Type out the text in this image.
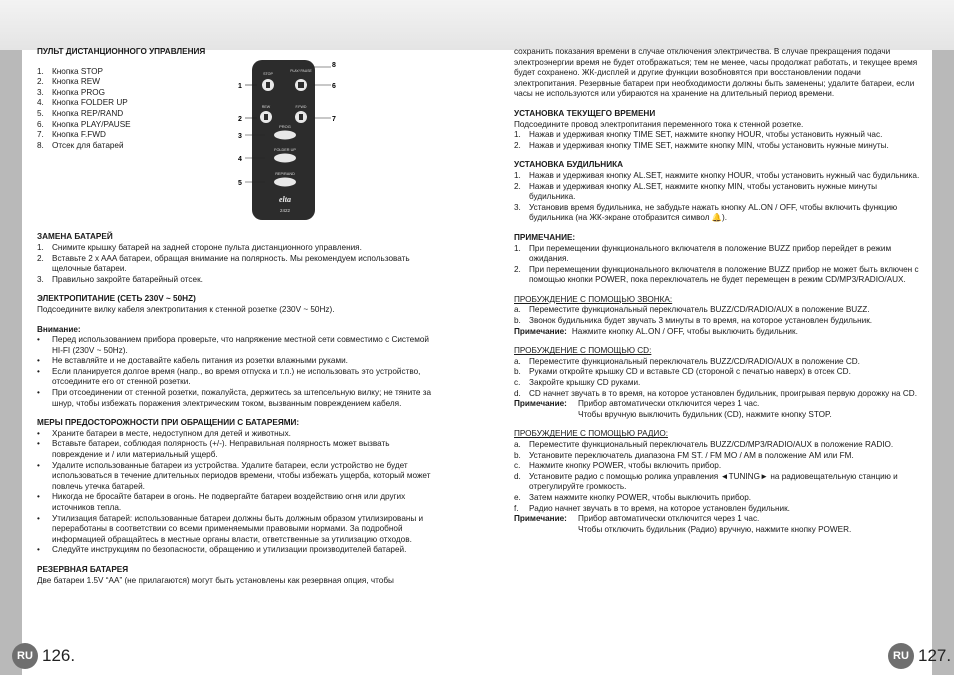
ПУЛЬТ ДИСТАНЦИОННОГО УПРАВЛЕНИЯ
1. Кнопка STOP
2. Кнопка REW
3. Кнопка PROG
4. Кнопка FOLDER UP
5. Кнопка REP/RAND
6. Кнопка PLAY/PAUSE
7. Кнопка F.FWD
8. Отсек для батарей
ЗАМЕНА БАТАРЕЙ
1. Снимите крышку батарей на задней стороне пульта дистанционного управления.
2. Вставьте 2 x AAA батареи, обращая внимание на полярность. Мы рекомендуем использовать щелочные батареи.
3. Правильно закройте батарейный отсек.
ЭЛЕКТРОПИТАНИЕ (СЕТЬ 230V ~ 50HZ)
Подсоедините вилку кабеля электропитания к стенной розетке (230V ~ 50Hz).
Внимание:
•	Перед использованием прибора проверьте, что напряжение местной сети совместимо с Системой HI-FI (230V ~ 50Hz).
•	Не вставляйте и не доставайте кабель питания из розетки влажными руками.
•	Если планируется долгое время (напр., во время отпуска и т.п.) не использовать это устройство, отсоедините его от стенной розетки.
•	При отсоединении от стенной розетки, пожалуйста, держитесь за штепсельную вилку; не тяните за шнур, чтобы избежать поражения электрическим током, вызванным повреждением кабеля.
МЕРЫ ПРЕДОСТОРОЖНОСТИ ПРИ ОБРАЩЕНИИ С БАТАРЕЯМИ:
•	Храните батареи в месте, недоступном для детей и животных.
•	Вставьте батареи, соблюдая полярность (+/-). Неправильная полярность может вызвать повреждение и / или материальный ущерб.
•	Удалите использованные батареи из устройства. Удалите батареи, если устройство не будет использоваться в течение длительных периодов времени, чтобы избежать ущерба, который может повлечь утечка батарей.
•	Никогда не бросайте батареи в огонь. Не подвергайте батареи воздействию огня или других источников тепла.
•	Утилизация батарей: использованные батареи должны быть должным образом утилизированы и переработаны в соответствии со всеми применяемыми правовыми нормами. За подробной информацией обращайтесь в местные органы власти, ответственные за утилизацию отходов.
•	Следуйте инструкциям по безопасности, обращению и утилизации производителей батарей.
РЕЗЕРВНАЯ БАТАРЕЯ
Две батареи 1.5V “AA” (не прилагаются) могут быть установлены как резервная опция, чтобы
1
2
3
4
5
6
7
8
STOP
PLAY/ PAUSE
REW	F.FWD
PROG
FOLDER UP
REP/RAND
elta
2422
сохранить показания времени в случае отключения электричества. В случае прекращения подачи электроэнергии время не будет отображаться; тем не менее, часы продолжат работать, и текущее время будет сохранено. ЖК-дисплей и другие функции возобновятся при восстановлении подачи электропитания. Резервные батареи при необходимости должны быть заменены; удалите батареи, если часы не используются или убираются на хранение на длительный период времени.
УСТАНОВКА ТЕКУЩЕГО ВРЕМЕНИ
Подсоедините провод электропитания переменного тока к стенной розетке.
1. Нажав и удерживая кнопку TIME SET, нажмите кнопку HOUR, чтобы установить нужный час.
2. Нажав и удерживая кнопку TIME SET, нажмите кнопку MIN, чтобы установить нужные минуты.
УСТАНОВКА БУДИЛЬНИКА
1. Нажав и удерживая кнопку AL.SET, нажмите кнопку HOUR, чтобы установить нужный час будильника.
2. Нажав и удерживая кнопку AL.SET, нажмите кнопку MIN, чтобы установить нужные минуты будильника.
3. Установив время будильника, не забудьте нажать кнопку AL.ON / OFF, чтобы включить функцию будильника (на ЖК-экране отобразится символ 🔔).
ПРИМЕЧАНИЕ:
1. При перемещении функционального включателя в положение BUZZ прибор перейдет в режим ожидания.
2. При перемещении функционального включателя в положение BUZZ прибор не может быть включен с помощью кнопки POWER, пока переключатель не будет перемещен в режим CD/MP3/RADIO/AUX.
ПРОБУЖДЕНИЕ С ПОМОЩЬЮ ЗВОНКА:
a. Переместите функциональный переключатель BUZZ/CD/RADIO/AUX в положение BUZZ.
b. Звонок будильника будет звучать 3 минуты в то время, на которое установлен будильник.
Примечание: Нажмите кнопку AL.ON / OFF, чтобы выключить будильник.
ПРОБУЖДЕНИЕ С ПОМОЩЬЮ CD:
a. Переместите функциональный переключатель BUZZ/CD/RADIO/AUX в положение CD.
b. Руками откройте крышку CD и вставьте CD (стороной с печатью наверх) в отсек CD.
c.	Закройте крышку CD руками.
d. CD начнет звучать в то время, на которое установлен будильник, проигрывая первую дорожку на CD.
Примечание:	Прибор автоматически отключится через 1 час.
Чтобы вручную выключить будильник (CD), нажмите кнопку STOP.
ПРОБУЖДЕНИЕ С ПОМОЩЬЮ РАДИО:
a. Переместите функциональный переключатель BUZZ/CD/MP3/RADIO/AUX в положение RADIO.
b. Установите переключатель диапазона FM ST. / FM MO / AM в положение AM или FM.
c.	Нажмите кнопку POWER, чтобы включить прибор.
d. Установите радио с помощью ролика управления ◄TUNING► на радиовещательную станцию и отрегулируйте громкость.
e. Затем нажмите кнопку POWER, чтобы выключить прибор.
f.	Радио начнет звучать в то время, на которое установлен будильник.
Примечание:	Прибор автоматически отключится через 1 час.
Чтобы отключить будильник (Радио) вручную, нажмите кнопку POWER.
RU 126.	RU 127.
